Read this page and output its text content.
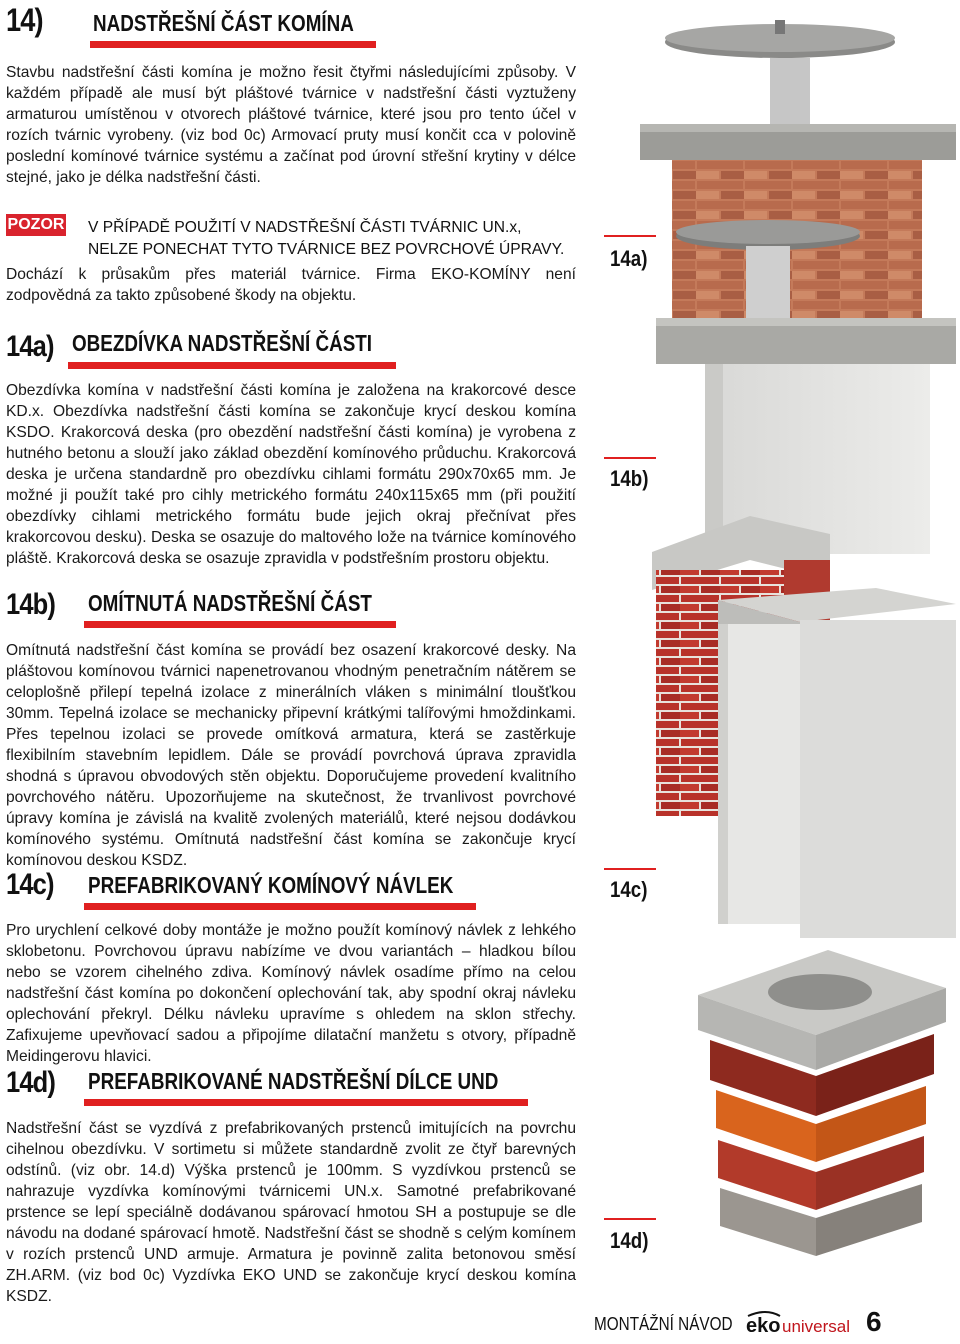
14) NADSTŘEŠNÍ ČÁST KOMÍNA

Stavbu nadstřešní části komína je možno řesit čtyřmi následujícími způsoby. V každém případě ale musí být pláštové tvárnice v nadstřešní části vyztuženy armaturou umístěnou v otvorech pláštové tvárnice, které jsou pro tento účel v rozích tvárnic vyrobeny. (viz bod 0c) Armovací pruty musí končit cca v polovině poslední komínové tvárnice systému a začínat pod úrovní střešní krytiny v délce stejné, jako je délka nadstřešní části.

POZOR V PŘÍPADĚ POUŽITÍ V NADSTŘEŠNÍ ČÁSTI TVÁRNIC UN.x,
NELZE PONECHAT TYTO TVÁRNICE BEZ POVRCHOVÉ ÚPRAVY.

Dochází k průsakům přes materiál tvárnice. Firma EKO-KOMÍNY není zodpovědná za takto způsobené škody na objektu.

14a) OBEZDÍVKA NADSTŘEŠNÍ ČÁSTI

Obezdívka komína v nadstřešní části komína je založena na krakorcové desce KD.x. Obezdívka nadstřešní části komína se zakončuje krycí deskou komína KSDO. Krakorcová deska (pro obezdění nadstřešní části komína) je vyrobena z hutného betonu a slouží jako základ obezdění komínového průduchu. Krakorcová deska je určena standardně pro obezdívku cihlami formátu 290x70x65 mm. Je možné ji použít také pro cihly metrického formátu 240x115x65 mm (při použití obezdívky cihlami metrického formátu bude jejich okraj přečnívat přes krakorcovou desku). Deska se osazuje do maltového lože na tvárnice komínového pláště. Krakorcová deska se osazuje zpravidla v podstřešním prostoru objektu.

14b) OMÍTNUTÁ NADSTŘEŠNÍ ČÁST

Omítnutá nadstřešní část komína se provádí bez osazení krakorcové desky. Na pláštovou komínovou tvárnici napenetrovanou vhodným penetračním nátěrem se celoplošně přilepí tepelná izolace z minerálních vláken s minimální tloušťkou 30mm. Tepelná izolace se mechanicky připevní krátkými talířovými hmoždinkami. Přes tepelnou izolaci se provede omítková armatura, která se zastěrkuje flexibilním stavebním lepidlem. Dále se provádí povrchová úprava zpravidla shodná s úpravou obvodových stěn objektu. Doporučujeme provedení kvalitního povrchového nátěru. Upozorňujeme na skutečnost, že trvanlivost povrchové úpravy komína je závislá na kvalitě zvolených materiálů, které nejsou dodávkou komínového systému. Omítnutá nadstřešní část komína se zakončuje krycí komínovou deskou KSDZ.

14c) PREFABRIKOVANÝ KOMÍNOVÝ NÁVLEK

Pro urychlení celkové doby montáže je možno použít komínový návlek z lehkého sklobetonu. Povrchovou úpravu nabízíme ve dvou variantách – hladkou bílou nebo se vzorem cihelného zdiva. Komínový návlek osadíme přímo na celou nadstřešní část komína po dokončení oplechování tak, aby spodní okraj návleku oplechování překryl. Délku návleku upravíme s ohledem na sklon střechy. Zafixujeme upevňovací sadou a připojíme dilatační manžetu s otvory, případně Meidingerovu hlavici.

14d) PREFABRIKOVANÉ NADSTŘEŠNÍ DÍLCE UND

Nadstřešní část se vyzdívá z prefabrikovaných prstenců imitujících na povrchu cihelnou obezdívku. V sortimetu si můžete standardně zvolit ze čtyř barevných odstínů. (viz obr. 14.d) Výška prstenců je 100mm. S vyzdívkou prstenců se nahrazuje vyzdívka komínovými tvárnicemi UN.x. Samotné prefabrikované prstence se lepí speciálně dodávanou spárovací hmotou SH a postupuje se dle návodu na dodané spárovací hmotě. Nadstřešní část se shodně s celým komínem v rozích prstenců UND armuje. Armatura je povinně zalita betonovou směsí ZH.ARM. (viz bod 0c) Vyzdívka EKO UND se zakončuje krycí deskou komína KSDZ.

14a)
14b)
14c)
14d)
MONTÁŽNÍ NÁVOD eko universal 6
